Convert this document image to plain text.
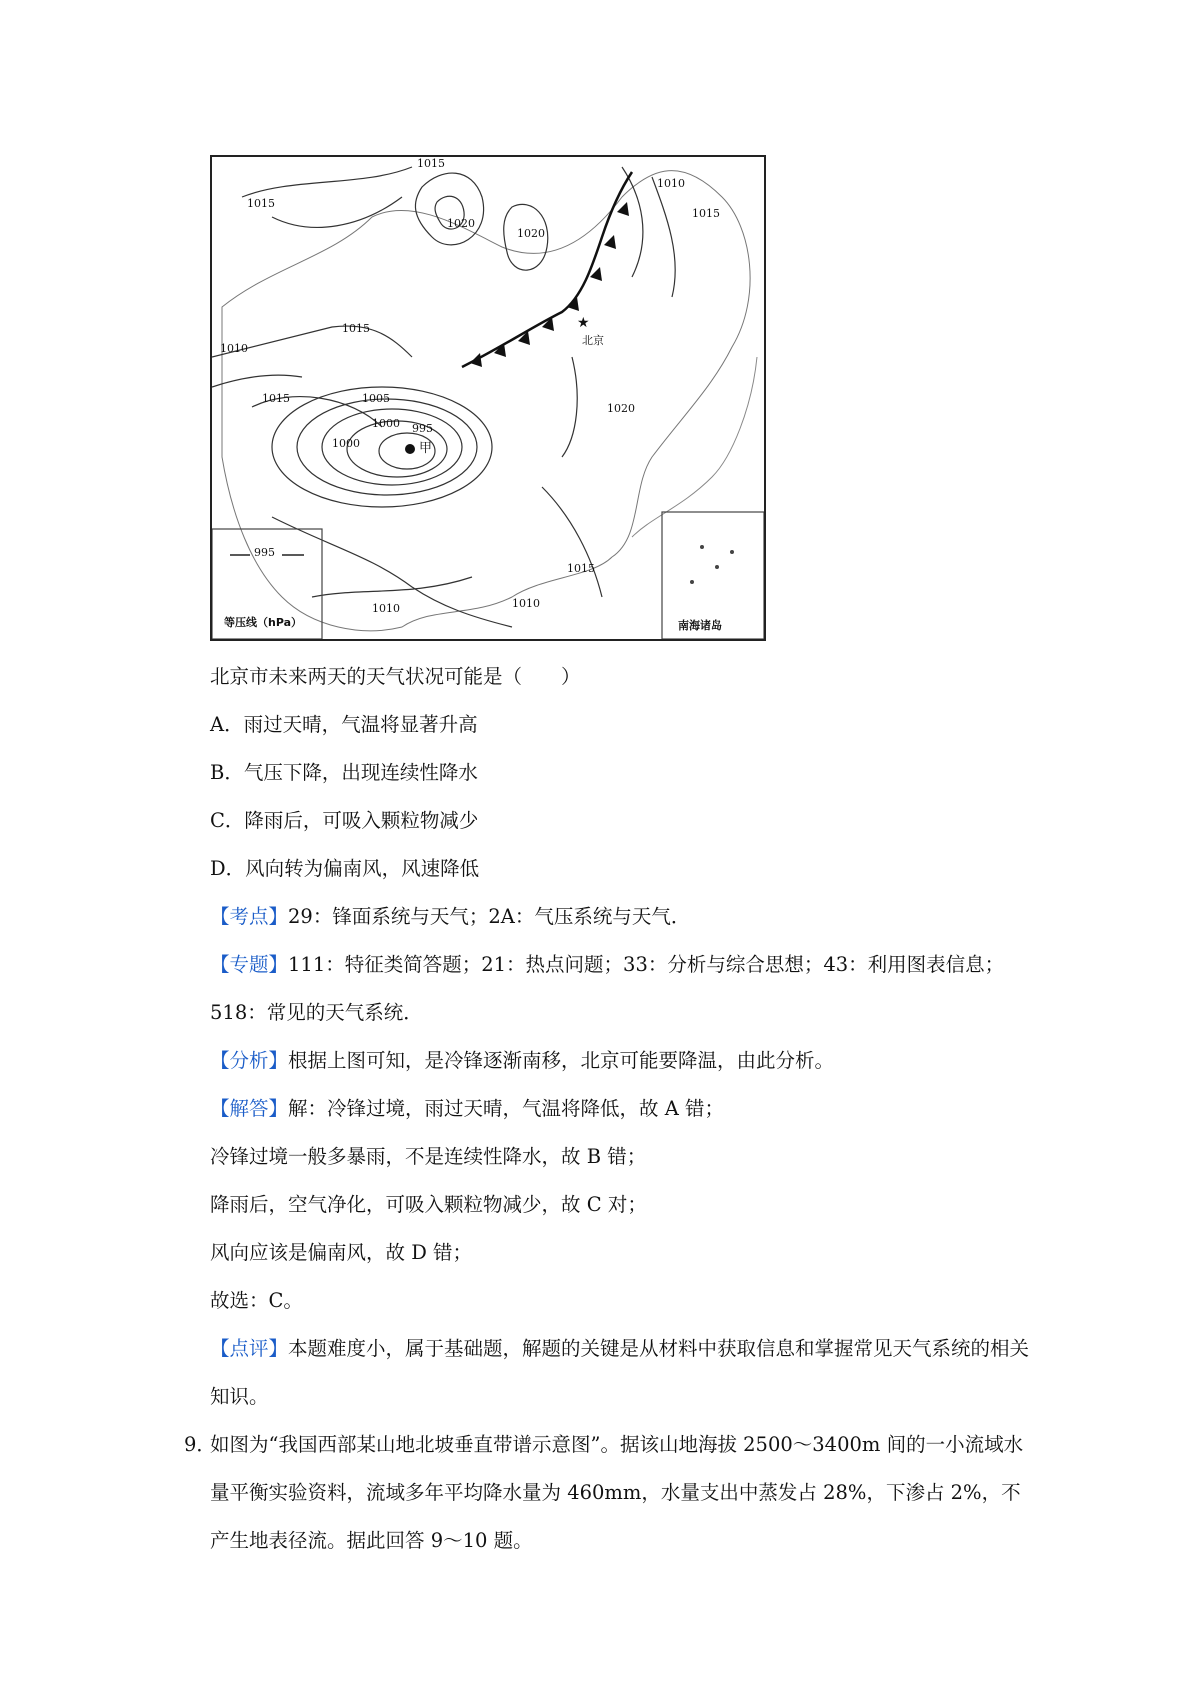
★
1015
1015
1020
1020
1015
1010
1010
1015
1005
1000
1000
995
1015
1010	1010
1015
1020
北京
甲
995
等压线（hPa）	南海诸岛
北京市未来两天的天气状况可能是（　　）
A．雨过天晴，气温将显著升高
B．气压下降，出现连续性降水
C．降雨后，可吸入颗粒物减少
D．风向转为偏南风，风速降低
【考点】29：锋面系统与天气；2A：气压系统与天气．
【专题】111：特征类简答题；21：热点问题；33：分析与综合思想；43：利用图表信息；518：常见的天气系统．
【分析】根据上图可知，是冷锋逐渐南移，北京可能要降温，由此分析。
【解答】解：冷锋过境，雨过天晴，气温将降低，故 A 错；
冷锋过境一般多暴雨，不是连续性降水，故 B 错；
降雨后，空气净化，可吸入颗粒物减少，故 C 对；
风向应该是偏南风，故 D 错；
故选：C。
【点评】本题难度小，属于基础题，解题的关键是从材料中获取信息和掌握常见天气系统的相关知识。
9．
如图为“我国西部某山地北坡垂直带谱示意图”。据该山地海拔 2500～3400m 间的一小流域水量平衡实验资料，流域多年平均降水量为 460mm，水量支出中蒸发占 28%，下渗占 2%，不产生地表径流。据此回答 9～10 题。
